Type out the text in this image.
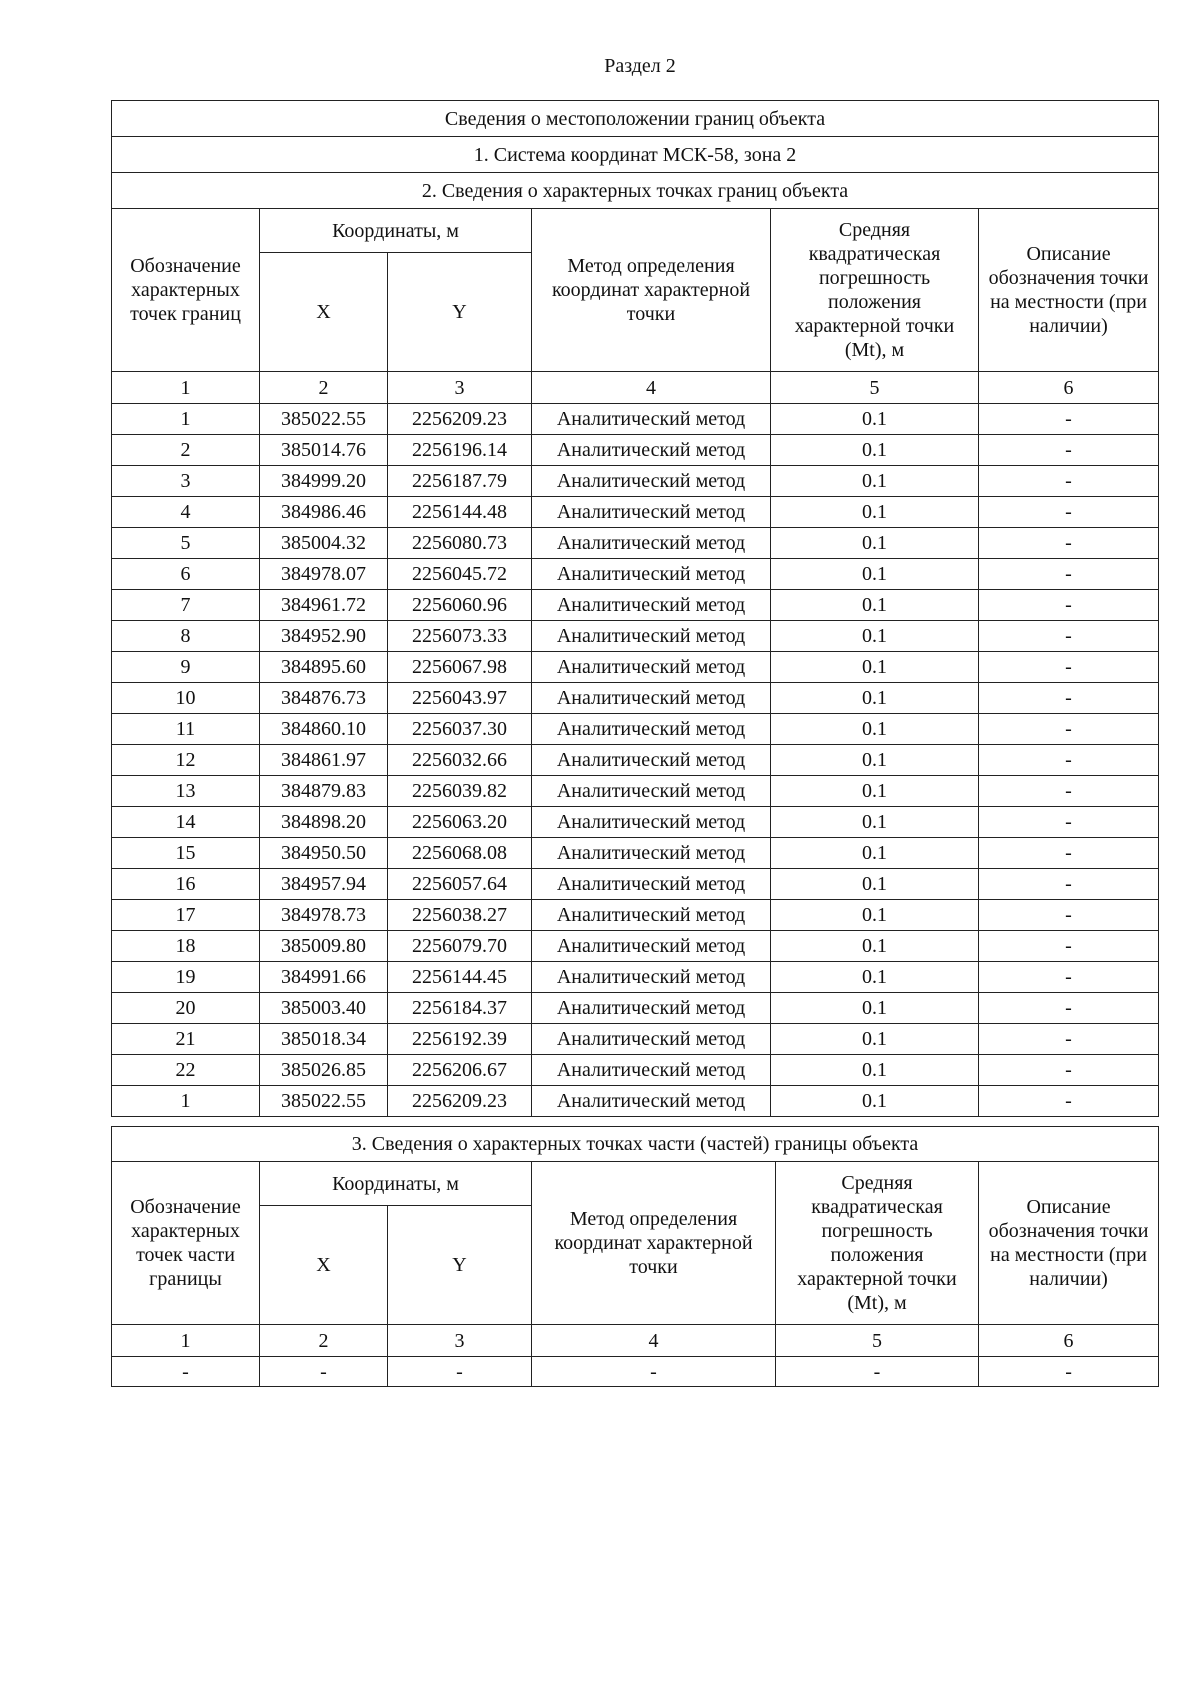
Раздел 2
Сведения о местоположении границ объекта					
1. Система координат МСК-58, зона 2					
2. Сведения о характерных точках границ объекта					
Обозначение характерных точек границ	Координаты, м		Метод определения координат характерной точки	Средняя квадратическая погрешность положения характерной точки (Mt), м	Описание обозначения точки на местности (при наличии)
	X	Y			
1	2	3	4	5	6
1	385022.55	2256209.23	Аналитический метод	0.1	-
2	385014.76	2256196.14	Аналитический метод	0.1	-
3	384999.20	2256187.79	Аналитический метод	0.1	-
4	384986.46	2256144.48	Аналитический метод	0.1	-
5	385004.32	2256080.73	Аналитический метод	0.1	-
6	384978.07	2256045.72	Аналитический метод	0.1	-
7	384961.72	2256060.96	Аналитический метод	0.1	-
8	384952.90	2256073.33	Аналитический метод	0.1	-
9	384895.60	2256067.98	Аналитический метод	0.1	-
10	384876.73	2256043.97	Аналитический метод	0.1	-
11	384860.10	2256037.30	Аналитический метод	0.1	-
12	384861.97	2256032.66	Аналитический метод	0.1	-
13	384879.83	2256039.82	Аналитический метод	0.1	-
14	384898.20	2256063.20	Аналитический метод	0.1	-
15	384950.50	2256068.08	Аналитический метод	0.1	-
16	384957.94	2256057.64	Аналитический метод	0.1	-
17	384978.73	2256038.27	Аналитический метод	0.1	-
18	385009.80	2256079.70	Аналитический метод	0.1	-
19	384991.66	2256144.45	Аналитический метод	0.1	-
20	385003.40	2256184.37	Аналитический метод	0.1	-
21	385018.34	2256192.39	Аналитический метод	0.1	-
22	385026.85	2256206.67	Аналитический метод	0.1	-
1	385022.55	2256209.23	Аналитический метод	0.1	-
3. Сведения о характерных точках части (частей) границы объекта					
Обозначение характерных точек части границы	Координаты, м		Метод определения координат характерной точки	Средняя квадратическая погрешность положения характерной точки (Mt), м	Описание обозначения точки на местности (при наличии)
	X	Y			
1	2	3	4	5	6
-	-	-	-	-	-
